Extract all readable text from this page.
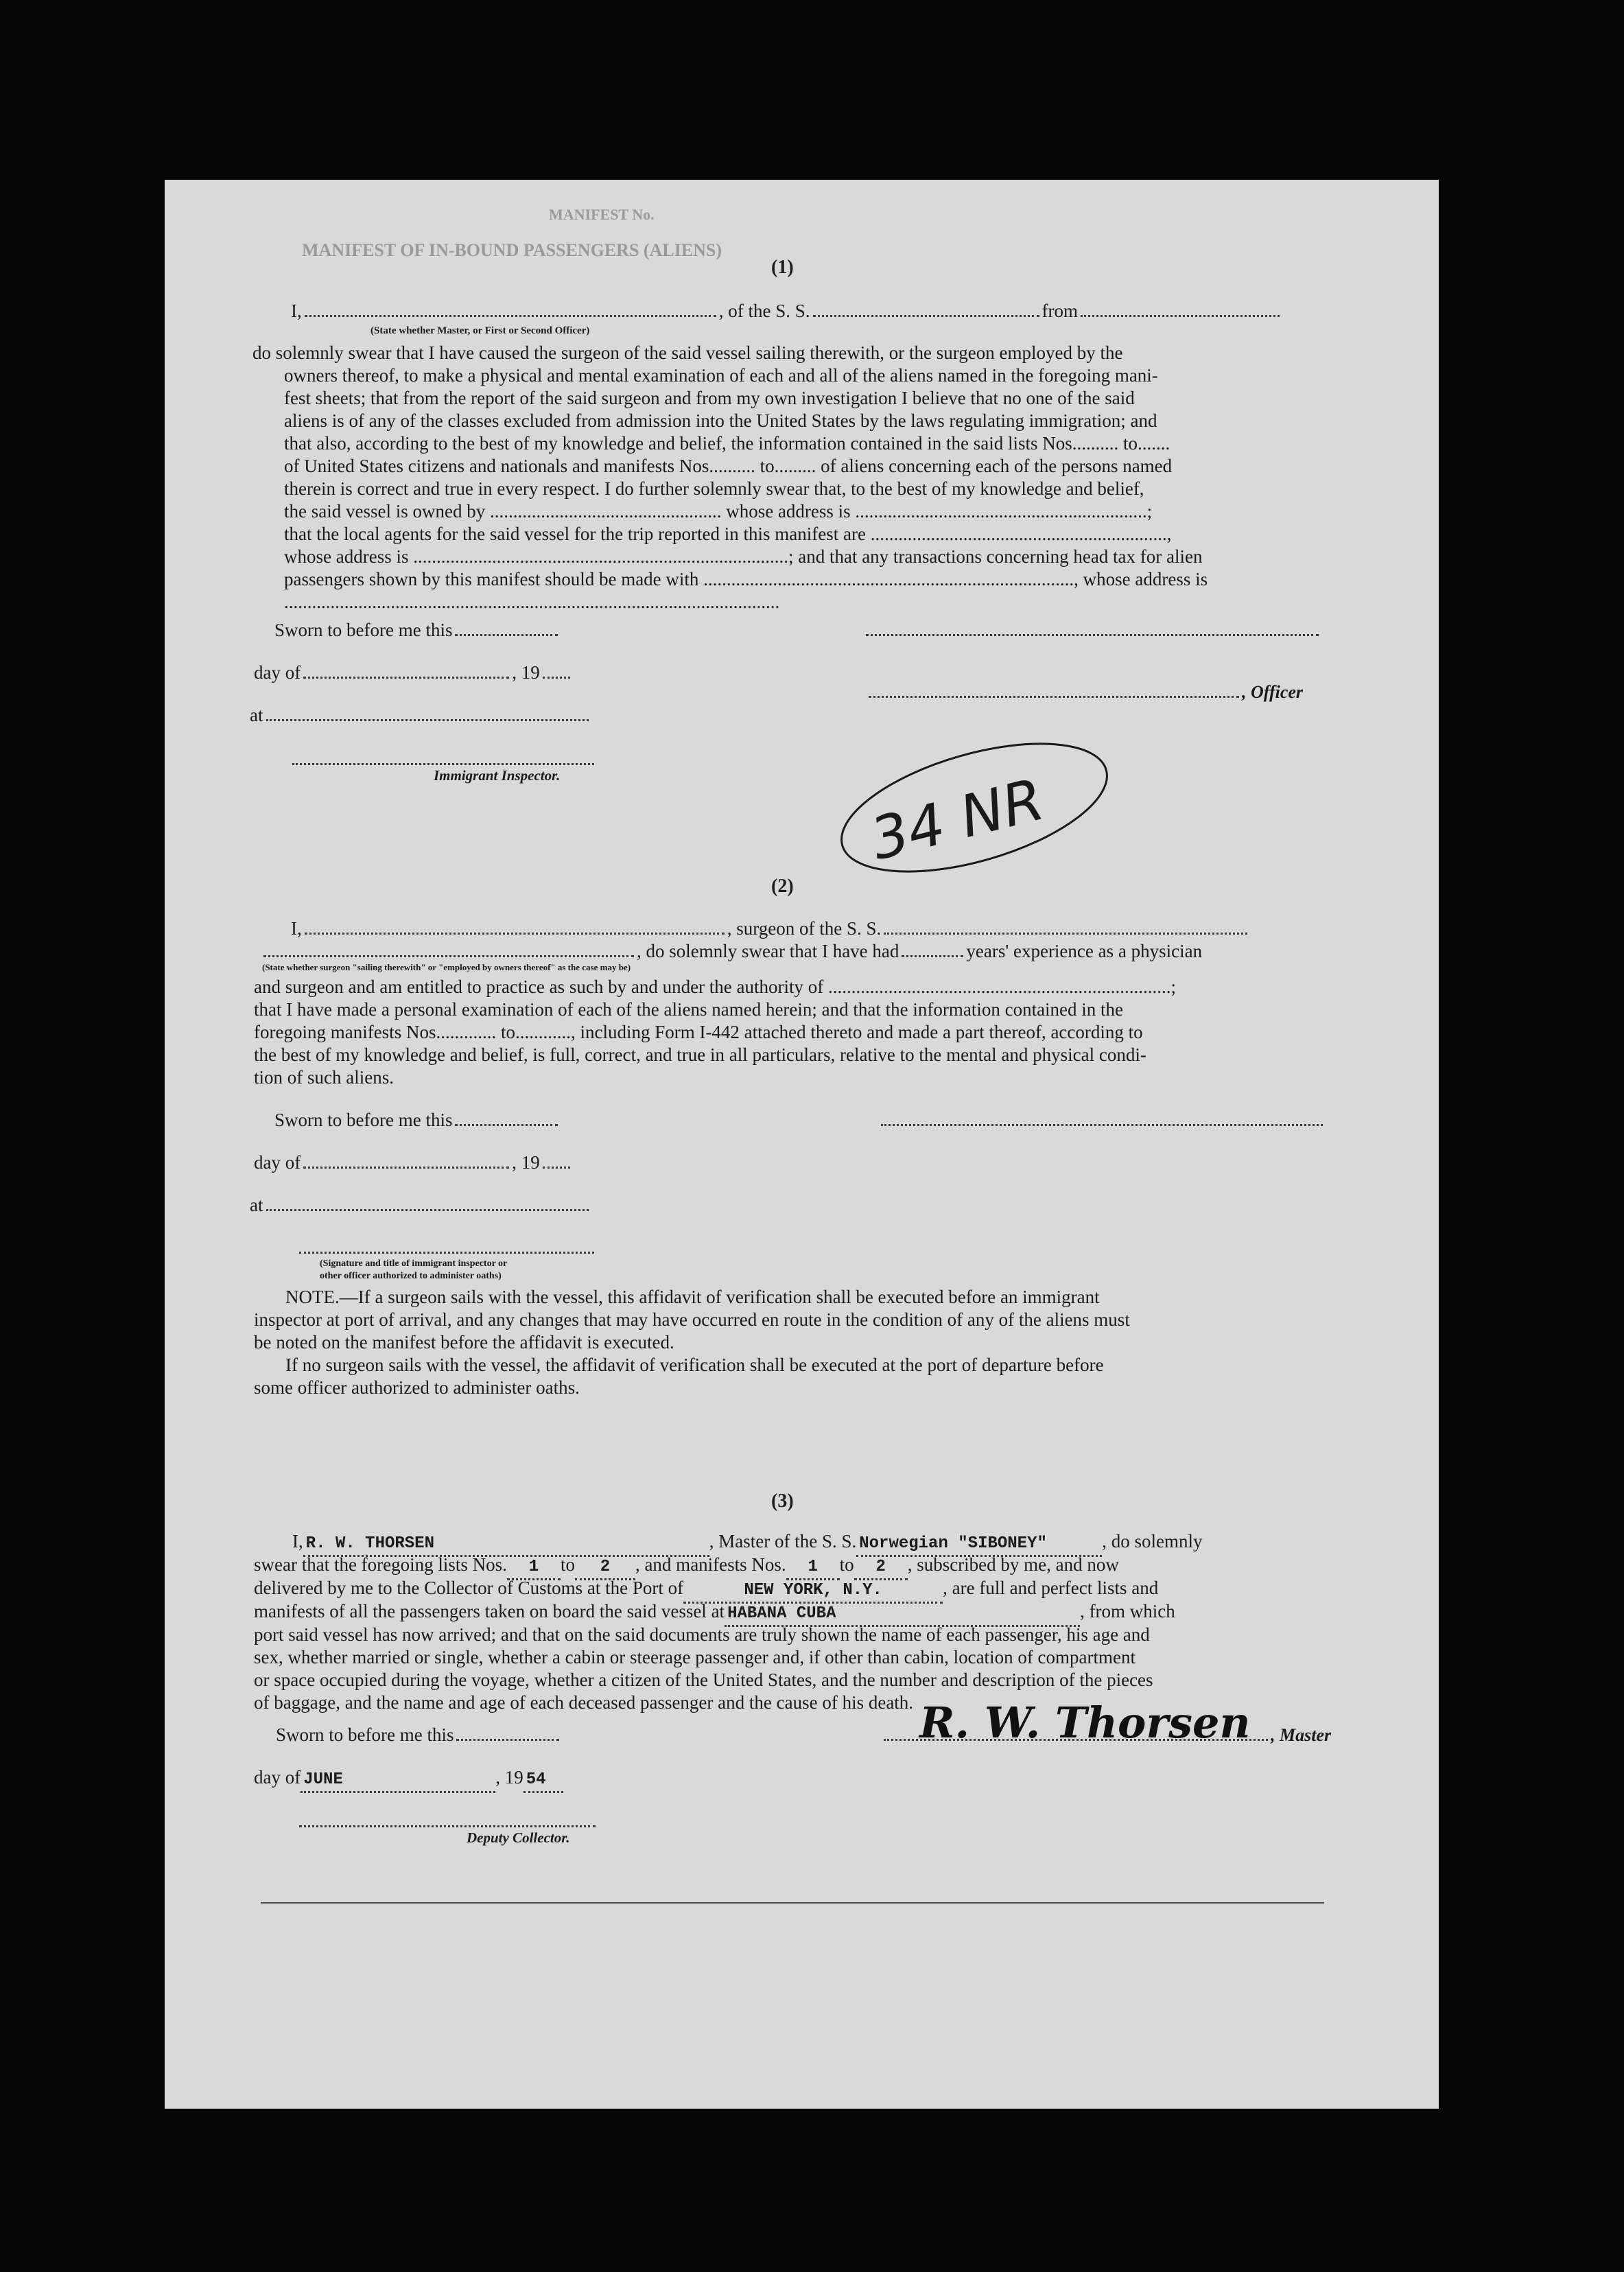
MANIFEST No.
MANIFEST OF IN-BOUND PASSENGERS (ALIENS)
(1)
I,	, of the S. S.	from
(State whether Master, or First or Second Officer)
do solemnly swear that I have caused the surgeon of the said vessel sailing therewith, or the surgeon employed by the
owners thereof, to make a physical and mental examination of each and all of the aliens named in the foregoing mani-
fest sheets; that from the report of the said surgeon and from my own investigation I believe that no one of the said
aliens is of any of the classes excluded from admission into the United States by the laws regulating immigration; and
that also, according to the best of my knowledge and belief, the information contained in the said lists Nos.......... to.......
of United States citizens and nationals and manifests Nos.......... to......... of aliens concerning each of the persons named
therein is correct and true in every respect. I do further solemnly swear that, to the best of my knowledge and belief,
the said vessel is owned by .................................................. whose address is ...............................................................;
that the local agents for the said vessel for the trip reported in this manifest are ................................................................,
whose address is .................................................................................; and that any transactions concerning head tax for alien
passengers shown by this manifest should be made with ................................................................................, whose address is
...........................................................................................................
Sworn to before me this
day of	, 19
, Officer
at
Immigrant Inspector.	34 NR
(2)
I,	, surgeon of the S. S.
, do solemnly swear that I have had	years' experience as a physician
(State whether surgeon "sailing therewith" or "employed by owners thereof" as the case may be)
and surgeon and am entitled to practice as such by and under the authority of ..........................................................................;
that I have made a personal examination of each of the aliens named herein; and that the information contained in the
foregoing manifests Nos............. to............, including Form I-442 attached thereto and made a part thereof, according to
the best of my knowledge and belief, is full, correct, and true in all particulars, relative to the mental and physical condi-
tion of such aliens.
Sworn to before me this
day of	, 19
at
(Signature and title of immigrant inspector or
other officer authorized to administer oaths)
NOTE.—If a surgeon sails with the vessel, this affidavit of verification shall be executed before an immigrant
inspector at port of arrival, and any changes that may have occurred en route in the condition of any of the aliens must
be noted on the manifest before the affidavit is executed.
If no surgeon sails with the vessel, the affidavit of verification shall be executed at the port of departure before
some officer authorized to administer oaths.
(3)
I, R. W. THORSEN	, Master of the S. S. Norwegian "SIBONEY"	, do solemnly
swear that the foregoing lists Nos. 1 to 2 , and manifests Nos. 1 to 2 , subscribed by me, and now
delivered by me to the Collector of Customs at the Port of	NEW YORK, N.Y.	, are full and perfect lists and
manifests of all the passengers taken on board the said vessel at HABANA CUBA	, from which
port said vessel has now arrived; and that on the said documents are truly shown the name of each passenger, his age and
sex, whether married or single, whether a cabin or steerage passenger and, if other than cabin, location of compartment
or space occupied during the voyage, whether a citizen of the United States, and the number and description of the pieces
of baggage, and the name and age of each deceased passenger and the cause of his death.
Sworn to before me this	, Master
R. W. Thorsen
day of JUNE	, 19 54
Deputy Collector.
